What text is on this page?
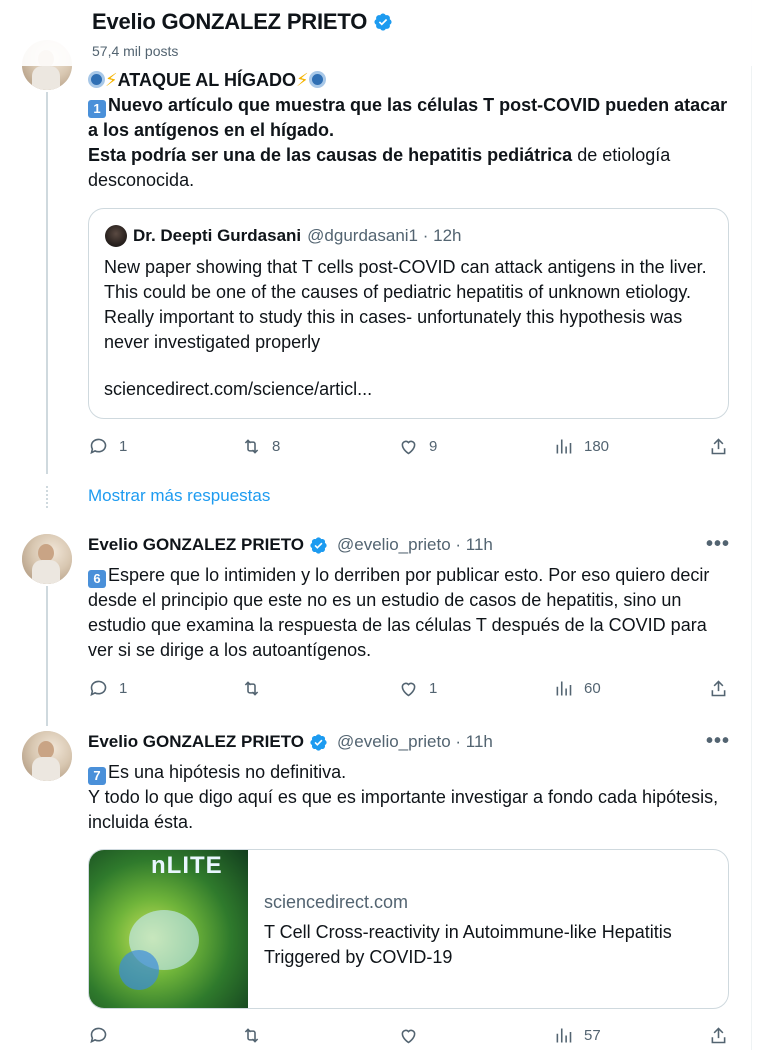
Evelio GONZALEZ PRIETO
57,4 mil posts
⚡ATAQUE AL HÍGADO⚡
1 Nuevo artículo que muestra que las células T post-COVID pueden atacar a los antígenos en el hígado.
Esta podría ser una de las causas de hepatitis pediátrica de etiología desconocida.
Dr. Deepti Gurdasani @dgurdasani1 · 12h
New paper showing that T cells post-COVID can attack antigens in the liver. This could be one of the causes of pediatric hepatitis of unknown etiology. Really important to study this in cases- unfortunately this hypothesis was never investigated properly
sciencedirect.com/science/articl...
1	8	9	180
Mostrar más respuestas
Evelio GONZALEZ PRIETO @evelio_prieto · 11h	•••
6 Espere que lo intimiden y lo derriben por publicar esto. Por eso quiero decir desde el principio que este no es un estudio de casos de hepatitis, sino un estudio que examina la respuesta de las células T después de la COVID para ver si se dirige a los autoantígenos.
1	1	60
Evelio GONZALEZ PRIETO @evelio_prieto · 11h	•••
7 Es una hipótesis no definitiva.
Y todo lo que digo aquí es que es importante investigar a fondo cada hipótesis, incluida ésta.
nLITE
sciencedirect.com
T Cell Cross-reactivity in Autoimmune-like Hepatitis Triggered by COVID-19
57
